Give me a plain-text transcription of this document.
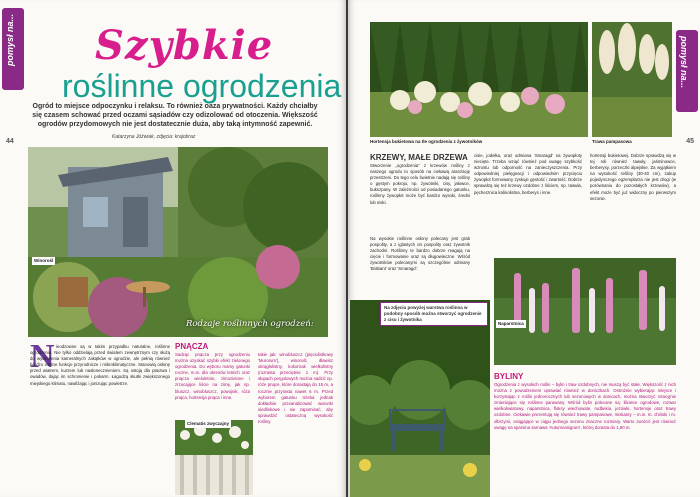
pomysł na...
44
Szybkie
roślinne ogrodzenia
Ogród to miejsce odpoczynku i relaksu. To również oaza prywatności. Każdy chciałby się czasem schować przed oczami sąsiadów czy odizolować od otoczenia. Większość ogrodów przydomowych nie jest dostatecznie duża, aby taką intymność zapewnić.
Katarzyna Jóźwiak, zdjęcia: krajobraz
Winorośl
Rodzaje roślinnych ogrodzeń:
N ieodzowne są w takim przypadku naturalne, roślinne ogrodzenia. Nie tylko oddzielają przed światem zewnętrznym czy służą do wydzielenia kameralnych zakątków w ogrodzie, ale pełnią również bardzo istotne funkcje przyrodnicze i mikroklimatyczne. Stanowią osłonę przed wiatrem, kurzem lub nasłonecznieniem. Są ostoją dla ptactwa i owadów, dając im schronienie i pokarm. Łagodzą skutki zwiększonego miejskiego klimatu, nawilżając i jonizując powietrze.
PNĄCZA
Sadząc pnącza przy ogrodzeniu można uzyskać szybki efekt zielonego ogrodzenia. Do wyboru mamy gatunki roczne, m.in. dla okresów letnich oraz pnącza wieloletnie, zimozielone i zrzucające liście na zimę, jak np. bluszcz, winobluszcz, powojnik, róża pnąca, hortensja pnąca i inne.
takie jak: winobluszcz (pięciolistkowy 'Murorum'), winorośl, dławisz okrągłolistny, kokornak wielkolistny (rozrasta przeciętnie 1 m). Przy słupach pergolowych można sadzić np. róże pnące, które dorastają do 15 m, a rocznie przyrasta nawet 6 m. Przed wyborem gatunku trzeba jednak dokładnie przeanalizować warunki siedliskowe i nie zapominać, aby sprawdzić ostateczną wysokość rośliny.
Clematis zwyczajny
pomysł na...
45
Hortensja bukietowa na tle ogrodzenia z żywotników	Trawa pampasowa
KRZEWY, MAŁE DRZEWA
Stworzenie „ogrodzenia” z krzewów rośliny z naszego ogrodu to sposób na ciekawą aranżację przestrzeni. Do tego celu świetnie nadają się rośliny o gęstym pokroju, np. żywotniki, cisy, jałowce, bukszpany. W zależności od posiadanego gatunku, roślinny żywopłot może być bardzo wysoki, średni lub niski.
Na wysokie roślinne osłony polecany jest grab pospolity, a z iglastych cis pospolity oraz żywotnik zachodni. Roślinny te bardzo dobrze reagują na cięcie i formowanie oraz są długowieczne. Wśród żywotników polecanymi są szczególnie odmiany 'Brabant' oraz 'Smaragd'.
cisie, jodełka, oraz odmiana 'Smaragd' na żywopłoty niecięte. Trzeba wziąć również pod uwagę szybkość wzrostu lub odporność na zanieczyszczenia. Przy odpowiedniej pielęgnacji i odpowiednim przycięciu żywopłot formowany zyskuje gęstość i zwartość. Dobrze sprawdzą się też krzewy ozdobne z liściem, np. tawuła, pęcherznica kalinolistna, berberys i inne.
hortensji bukietowej. Dobrze sprawdzą się w tej roli również tawuły, jaśminowce, berberysy, porzeczki alpejskie. Za wyjątkiem na wysokość rośliny (30-40 cm), zakup pojedynczego egzemplarza nie jest drogi (w porównaniu do pozostałych krzewów), a efekt może być już widoczny po pierwszym sezonie.
Na zdjęciu powyżej warstwa roślinna w podobny sposób można stworzyć ogrodzenie z cisu i żywotnika
Naparstnica
BYLINY
Ogrodzenia z wysokich roślin – bylin i traw ozdobnych, nie muszą być stałe. Większość z nich można z powodzeniem uprawiać również w doniczkach. Ostrożnie wybierając miejsce i korzystając z roślin jednorocznych lub sezonowych w donicach, można stworzyć rotacyjnie zmieniające się roślinne parawany. Wśród bylin polecane są: liliowce ogrodowe, rozwar wielkokwiatowy, naparstnica, floksy wiechowate, rudbekia, jeżówki, hortensje oraz trawy ozdobne. Ciekawie prezentują się również trawy pampasowe, miskanty – m.in. m. chiński i m. olbrzymi, osiągające w ciągu jednego sezonu znaczne rozmiary. Warto zwrócić jest również uwagę na sparsina sarnawa 'Autumnanigrum', której dorasta do 1,80 m.
